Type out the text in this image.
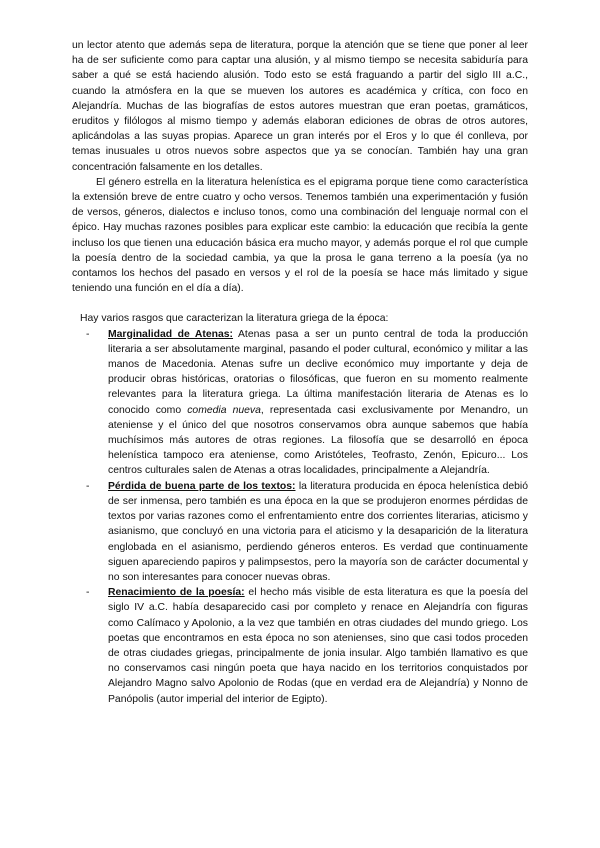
un lector atento que además sepa de literatura, porque la atención que se tiene que poner al leer ha de ser suficiente como para captar una alusión, y al mismo tiempo se necesita sabiduría para saber a qué se está haciendo alusión. Todo esto se está fraguando a partir del siglo III a.C., cuando la atmósfera en la que se mueven los autores es académica y crítica, con foco en Alejandría. Muchas de las biografías de estos autores muestran que eran poetas, gramáticos, eruditos y filólogos al mismo tiempo y además elaboran ediciones de obras de otros autores, aplicándolas a las suyas propias. Aparece un gran interés por el Eros y lo que él conlleva, por temas inusuales u otros nuevos sobre aspectos que ya se conocían. También hay una gran concentración falsamente en los detalles.

El género estrella en la literatura helenística es el epigrama porque tiene como característica la extensión breve de entre cuatro y ocho versos. Tenemos también una experimentación y fusión de versos, géneros, dialectos e incluso tonos, como una combinación del lenguaje normal con el épico. Hay muchas razones posibles para explicar este cambio: la educación que recibía la gente incluso los que tienen una educación básica era mucho mayor, y además porque el rol que cumple la poesía dentro de la sociedad cambia, ya que la prosa le gana terreno a la poesía (ya no contamos los hechos del pasado en versos y el rol de la poesía se hace más limitado y sigue teniendo una función en el día a día).

Hay varios rasgos que caracterizan la literatura griega de la época:

- Marginalidad de Atenas: Atenas pasa a ser un punto central de toda la producción literaria a ser absolutamente marginal, pasando el poder cultural, económico y militar a las manos de Macedonia. Atenas sufre un declive económico muy importante y deja de producir obras históricas, oratorias o filosóficas, que fueron en su momento realmente relevantes para la literatura griega. La última manifestación literaria de Atenas es lo conocido como comedia nueva, representada casi exclusivamente por Menandro, un ateniense y el único del que nosotros conservamos obra aunque sabemos que había muchísimos más autores de otras regiones. La filosofía que se desarrolló en época helenística tampoco era ateniense, como Aristóteles, Teofrasto, Zenón, Epicuro... Los centros culturales salen de Atenas a otras localidades, principalmente a Alejandría.
- Pérdida de buena parte de los textos: la literatura producida en época helenística debió de ser inmensa, pero también es una época en la que se produjeron enormes pérdidas de textos por varias razones como el enfrentamiento entre dos corrientes literarias, aticismo y asianismo, que concluyó en una victoria para el aticismo y la desaparición de la literatura englobada en el asianismo, perdiendo géneros enteros. Es verdad que continuamente siguen apareciendo papiros y palimpsestos, pero la mayoría son de carácter documental y no son interesantes para conocer nuevas obras.
- Renacimiento de la poesía: el hecho más visible de esta literatura es que la poesía del siglo IV a.C. había desaparecido casi por completo y renace en Alejandría con figuras como Calímaco y Apolonio, a la vez que también en otras ciudades del mundo griego. Los poetas que encontramos en esta época no son atenienses, sino que casi todos proceden de otras ciudades griegas, principalmente de jonia insular. Algo también llamativo es que no conservamos casi ningún poeta que haya nacido en los territorios conquistados por Alejandro Magno salvo Apolonio de Rodas (que en verdad era de Alejandría) y Nonno de Panópolis (autor imperial del interior de Egipto).
